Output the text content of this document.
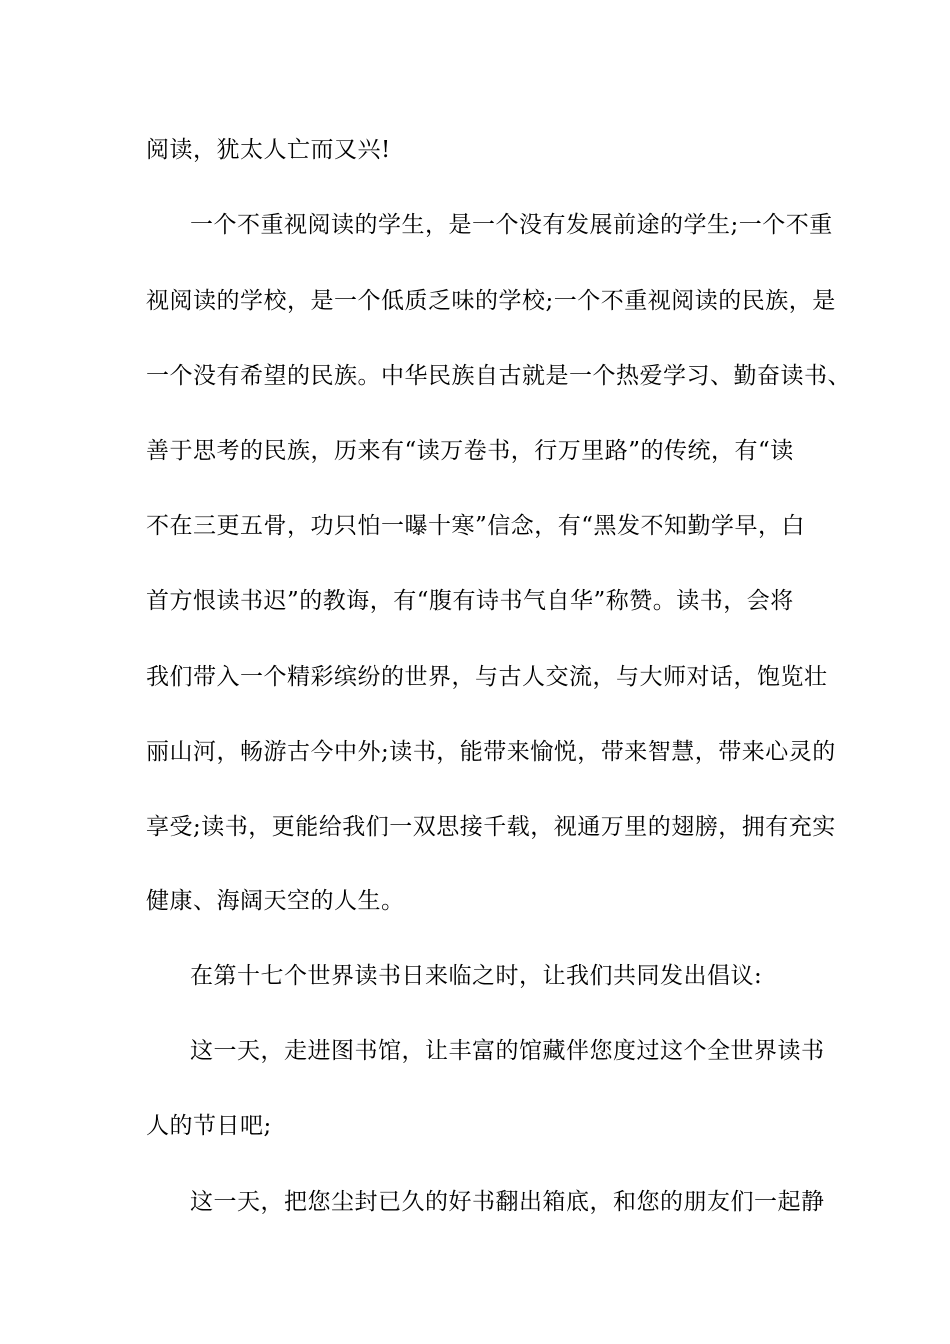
阅读，犹太人亡而又兴!
一个不重视阅读的学生，是一个没有发展前途的学生;一个不重
视阅读的学校，是一个低质乏味的学校;一个不重视阅读的民族，是
一个没有希望的民族。中华民族自古就是一个热爱学习、勤奋读书、
善于思考的民族，历来有“读万卷书，行万里路”的传统，有“读
不在三更五骨，功只怕一曝十寒”信念，有“黑发不知勤学早，白
首方恨读书迟”的教诲，有“腹有诗书气自华”称赞。读书，会将
我们带入一个精彩缤纷的世界，与古人交流，与大师对话，饱览壮
丽山河，畅游古今中外;读书，能带来愉悦，带来智慧，带来心灵的
享受;读书，更能给我们一双思接千载，视通万里的翅膀，拥有充实
健康、海阔天空的人生。
在第十七个世界读书日来临之时，让我们共同发出倡议:
这一天，走进图书馆，让丰富的馆藏伴您度过这个全世界读书
人的节日吧;
这一天，把您尘封已久的好书翻出箱底，和您的朋友们一起静
